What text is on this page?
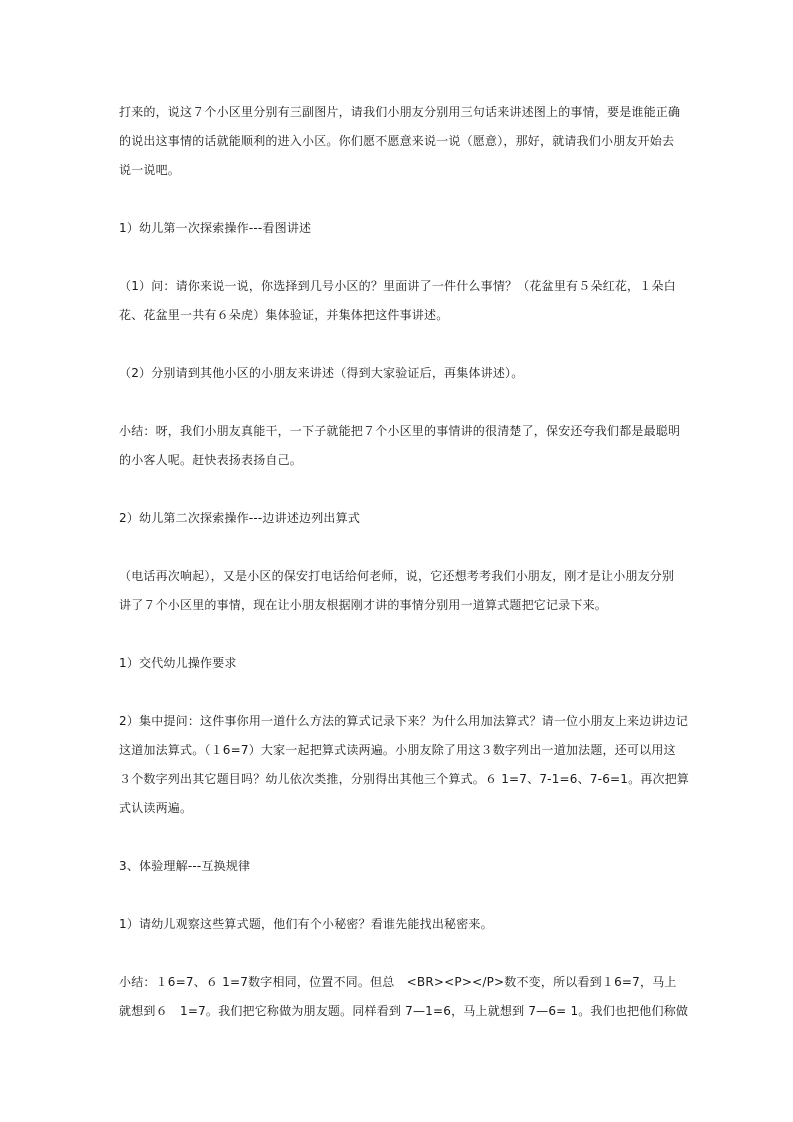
打来的，说这７个小区里分别有三副图片，请我们小朋友分别用三句话来讲述图上的事情，要是谁能正确
的说出这事情的话就能顺利的进入小区。你们愿不愿意来说一说（愿意），那好，就请我们小朋友开始去
说一说吧。

1）幼儿第一次探索操作---看图讲述

（1）问：请你来说一说，你选择到几号小区的？里面讲了一件什么事情？（花盆里有５朵红花，１朵白
花、花盆里一共有６朵虎）集体验证，并集体把这件事讲述。

（2）分别请到其他小区的小朋友来讲述（得到大家验证后，再集体讲述）。

小结：呀，我们小朋友真能干，一下子就能把７个小区里的事情讲的很清楚了，保安还夸我们都是最聪明
的小客人呢。赶快表扬表扬自己。

2）幼儿第二次探索操作---边讲述边列出算式

（电话再次响起），又是小区的保安打电话给何老师，说，它还想考考我们小朋友，刚才是让小朋友分别
讲了７个小区里的事情，现在让小朋友根据刚才讲的事情分别用一道算式题把它记录下来。

1）交代幼儿操作要求

2）集中提问：这件事你用一道什么方法的算式记录下来？为什么用加法算式？请一位小朋友上来边讲边记
这道加法算式。（１6=7）大家一起把算式读两遍。小朋友除了用这３数字列出一道加法题，还可以用这
３个数字列出其它题目吗？幼儿依次类推，分别得出其他三个算式。６ 1=7、7-1=6、7-6=1。再次把算
式认读两遍。

3、体验理解---互换规律

1）请幼儿观察这些算式题，他们有个小秘密？看谁先能找出秘密来。

小结：１6=7、６ 1=7数字相同，位置不同。但总　<BR><P></P>数不变，所以看到１6=7，马上
就想到６　1=7。我们把它称做为朋友题。同样看到 7—1=6，马上就想到 7—6= 1。我们也把他们称做
